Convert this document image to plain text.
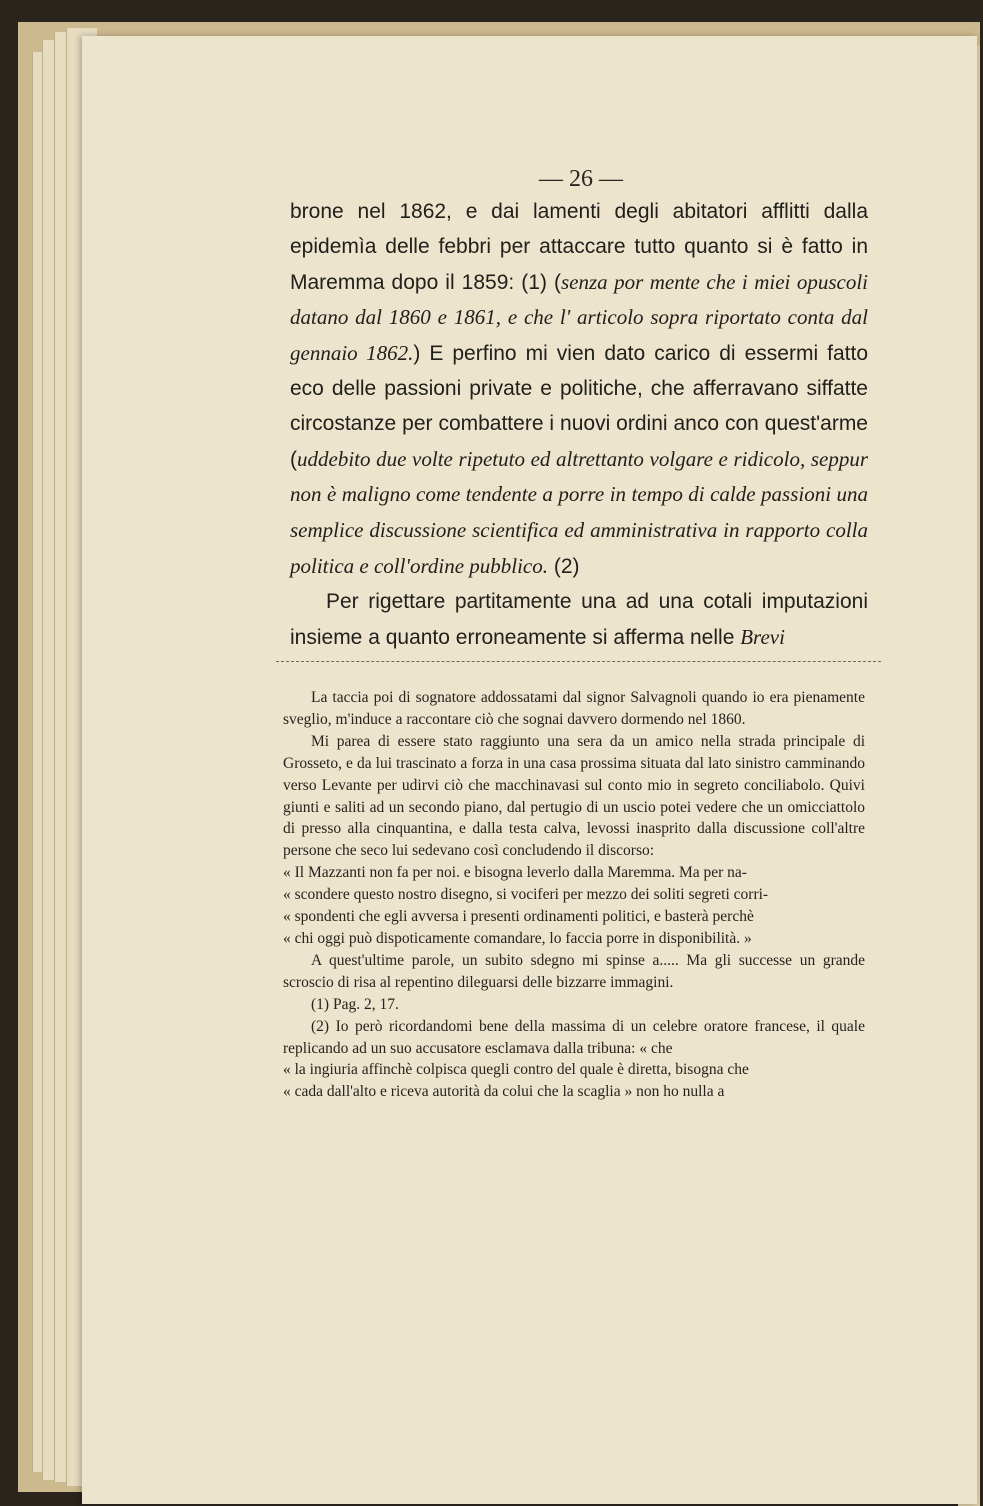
— 26 —

brone nel 1862, e dai lamenti degli abitatori afflitti dalla epidemìa delle febbri per attaccare tutto quanto si è fatto in Maremma dopo il 1859: (1) (senza por mente che i miei opuscoli datano dal 1860 e 1861, e che l' articolo sopra riportato conta dal gennaio 1862.) E perfino mi vien dato carico di essermi fatto eco delle passioni private e politiche, che afferravano siffatte circostanze per combattere i nuovi ordini anco con quest'arme (uddebito due volte ripetuto ed altrettanto volgare e ridicolo, seppur non è maligno come tendente a porre in tempo di calde passioni una semplice discussione scientifica ed amministrativa in rapporto colla politica e coll'ordine pubblico. (2)

Per rigettare partitamente una ad una cotali imputazioni insieme a quanto erroneamente si afferma nelle Brevi

La taccia poi di sognatore addossatami dal signor Salvagnoli quando io era pienamente sveglio, m'induce a raccontare ciò che sognai davvero dormendo nel 1860.

Mi parea di essere stato raggiunto una sera da un amico nella strada principale di Grosseto, e da lui trascinato a forza in una casa prossima situata dal lato sinistro camminando verso Levante per udirvi ciò che macchinavasi sul conto mio in segreto conciliabolo. Quivi giunti e saliti ad un secondo piano, dal pertugio di un uscio potei vedere che un omicciattolo di presso alla cinquantina, e dalla testa calva, levossi inasprito dalla discussione coll'altre persone che seco lui sedevano così concludendo il discorso:

« Il Mazzanti non fa per noi. e bisogna leverlo dalla Maremma. Ma per na-
« scondere questo nostro disegno, si vociferi per mezzo dei soliti segreti corri-
« spondenti che egli avversa i presenti ordinamenti politici, e basterà perchè
« chi oggi può dispoticamente comandare, lo faccia porre in disponibilità. »

A quest'ultime parole, un subito sdegno mi spinse a..... Ma gli successe un grande scroscio di risa al repentino dileguarsi delle bizzarre immagini.

(1) Pag. 2, 17.

(2) Io però ricordandomi bene della massima di un celebre oratore francese, il quale replicando ad un suo accusatore esclamava dalla tribuna: « che

« la ingiuria affinchè colpisca quegli contro del quale è diretta, bisogna che
« cada dall'alto e riceva autorità da colui che la scaglia » non ho nulla a
